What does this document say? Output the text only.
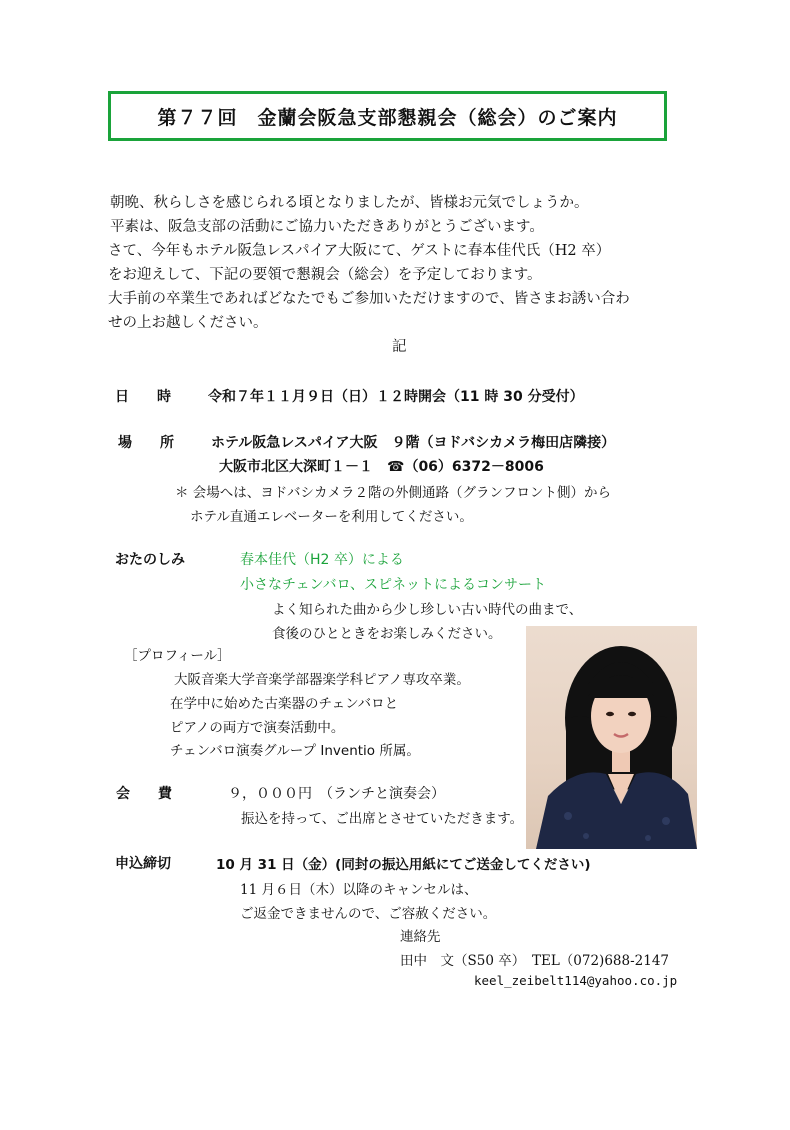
第７７回　金蘭会阪急支部懇親会（総会）のご案内
朝晩、秋らしさを感じられる頃となりましたが、皆様お元気でしょうか。
平素は、阪急支部の活動にご協力いただきありがとうございます。
さて、今年もホテル阪急レスパイア大阪にて、ゲストに春本佳代氏（H2 卒）
をお迎えして、下記の要領で懇親会（総会）を予定しております。
大手前の卒業生であればどなたでもご参加いただけますので、皆さまお誘い合わ
せの上お越しください。
記
日　　時	令和７年１１月９日（日）１２時開会（11 時 30 分受付）
場　　所	ホテル阪急レスパイア大阪　９階（ヨドバシカメラ梅田店隣接）
大阪市北区大深町１－１　☎（06）6372－8006
＊ 会場へは、ヨドバシカメラ２階の外側通路（グランフロント側）から
ホテル直通エレベーターを利用してください。
おたのしみ	春本佳代（H2 卒）による
小さなチェンバロ、スピネットによるコンサート
よく知られた曲から少し珍しい古い時代の曲まで、
食後のひとときをお楽しみください。
［プロフィール］
大阪音楽大学音楽学部器楽学科ピアノ専攻卒業。
在学中に始めた古楽器のチェンバロと
ピアノの両方で演奏活動中。
チェンバロ演奏グループ Inventio 所属。
会　　費	９，０００円　（ランチと演奏会）
振込を持って、ご出席とさせていただきます。
申込締切	10 月 31 日（金）(同封の振込用紙にてご送金してください)
11 月６日（木）以降のキャンセルは、
ご返金できませんので、ご容赦ください。
連絡先
田中　文（S50 卒）　TEL（072)688-2147
keel_zeibelt114@yahoo.co.jp
